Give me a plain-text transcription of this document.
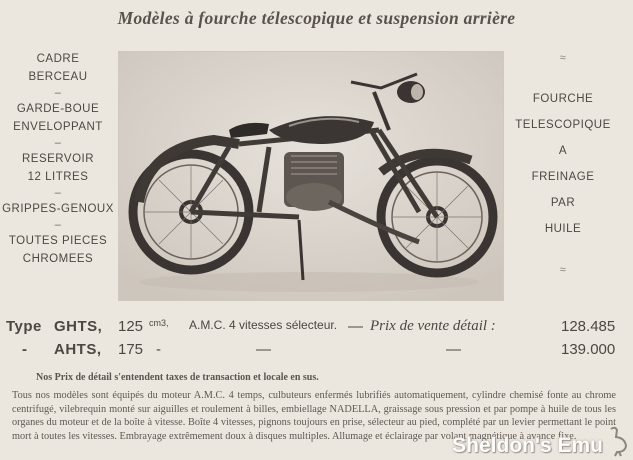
Modèles à fourche télescopique et suspension arrière
CADRE
BERCEAU
–
GARDE-BOUE
ENVELOPPANT
–
RESERVOIR
12 LITRES
–
GRIPPES-GENOUX
–
TOUTES PIECES
CHROMEES
≈
FOURCHE
TELESCOPIQUE
A
FREINAGE
PAR
HUILE
≈
Type GHTS, 125 cm3, A.M.C. 4 vitesses sélecteur. — Prix de vente détail :	128.485
- AHTS, 175 -	—	—	139.000
Nos Prix de détail s'entendent taxes de transaction et locale en sus.
Tous nos modèles sont équipés du moteur A.M.C. 4 temps, culbuteurs enfermés lubrifiés automatiquement, cylindre chemisé fonte au chrome centrifugé, vilebrequin monté sur aiguilles et roulement à billes, embiellage NADELLA, graissage sous pression et par pompe à huile de tous les organes du moteur et de la boîte à vitesse. Boîte 4 vitesses, pignons toujours en prise, sélecteur au pied, complété par un levier permettant le point mort à toutes les vitesses. Embrayage extrêmement doux à disques multiples. Allumage et éclairage par volant magnétique à avance fixe.
Sheldon's Emu
